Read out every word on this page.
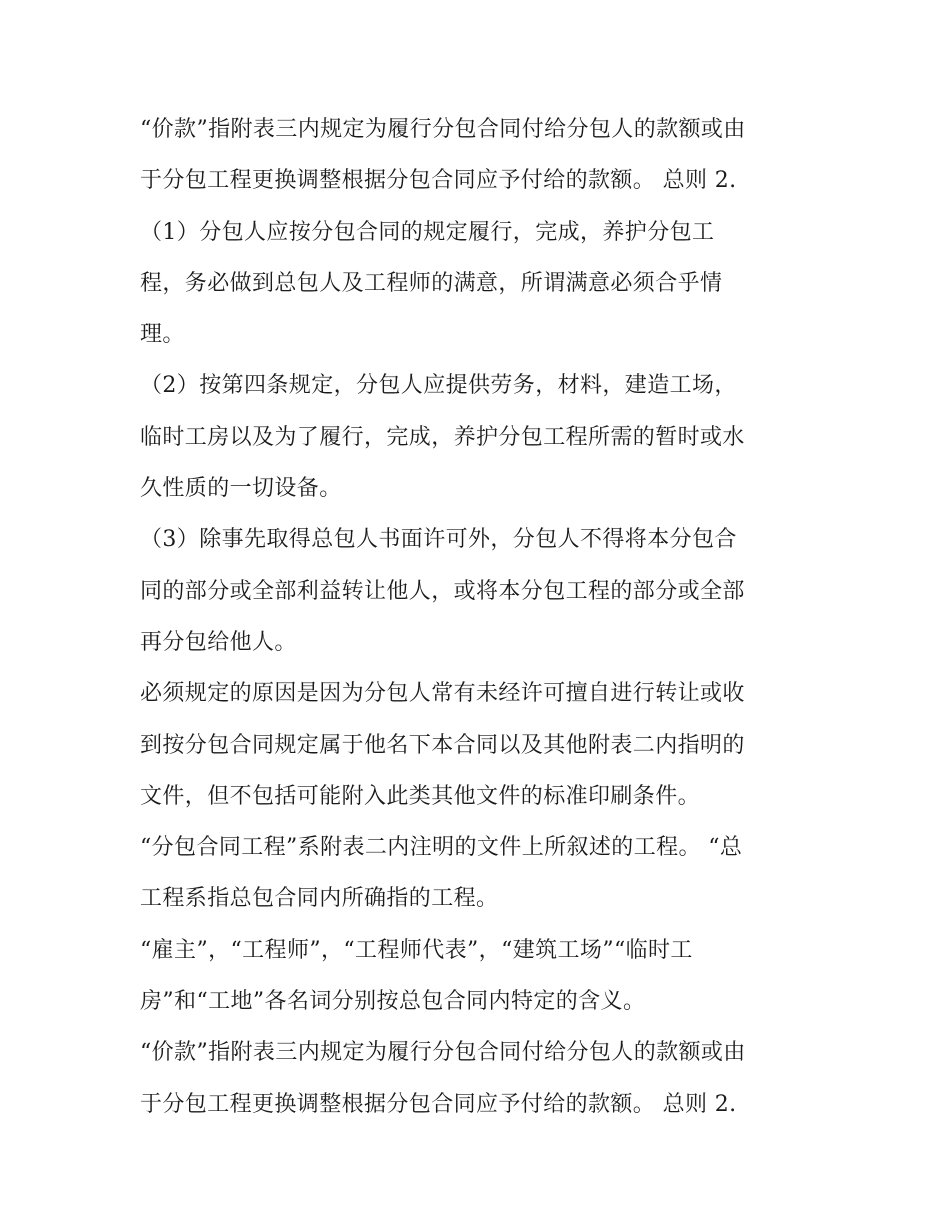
“价款”指附表三内规定为履行分包合同付给分包人的款额或由
于分包工程更换调整根据分包合同应予付给的款额。 总则 2.
（1）分包人应按分包合同的规定履行，完成，养护分包工
程，务必做到总包人及工程师的满意，所谓满意必须合乎情
理。
（2）按第四条规定，分包人应提供劳务，材料，建造工场，
临时工房以及为了履行，完成，养护分包工程所需的暂时或水
久性质的一切设备。
（3）除事先取得总包人书面许可外，分包人不得将本分包合
同的部分或全部利益转让他人，或将本分包工程的部分或全部
再分包给他人。
必须规定的原因是因为分包人常有未经许可擅自进行转让或收
到按分包合同规定属于他名下本合同以及其他附表二内指明的
文件，但不包括可能附入此类其他文件的标准印刷条件。
“分包合同工程”系附表二内注明的文件上所叙述的工程。 “总
工程系指总包合同内所确指的工程。
“雇主”，“工程师”，“工程师代表”，“建筑工场”“临时工
房”和“工地”各名词分别按总包合同内特定的含义。
“价款”指附表三内规定为履行分包合同付给分包人的款额或由
于分包工程更换调整根据分包合同应予付给的款额。 总则 2.
